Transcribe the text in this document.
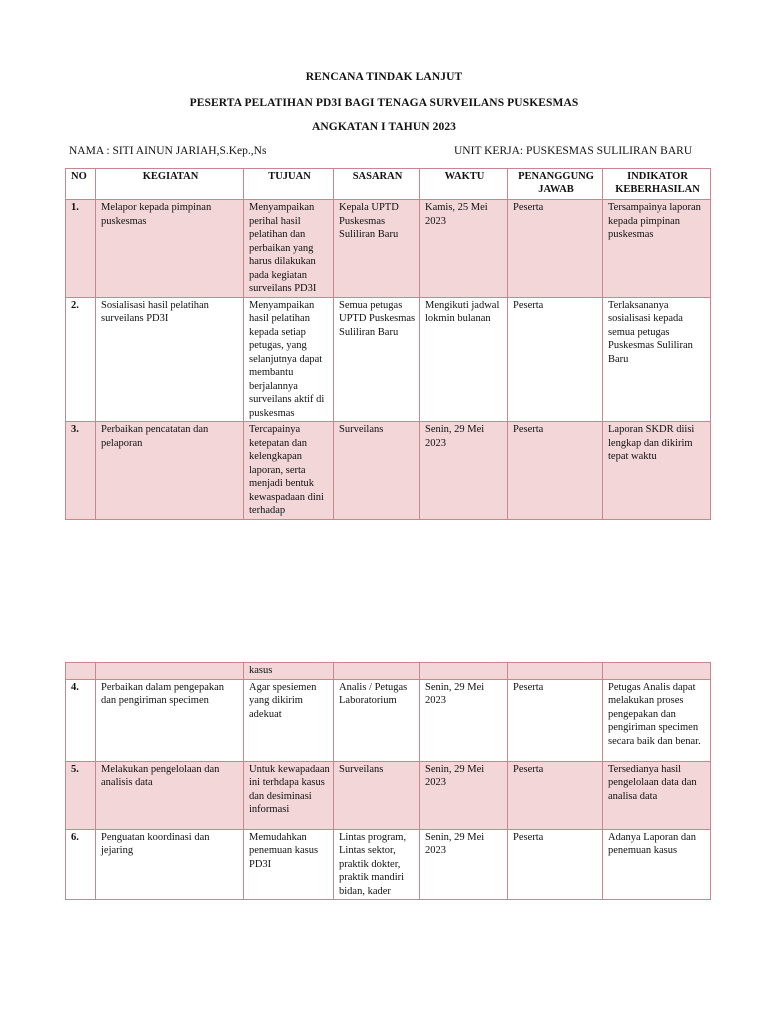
RENCANA TINDAK LANJUT
PESERTA PELATIHAN PD3I BAGI TENAGA SURVEILANS PUSKESMAS
ANGKATAN I TAHUN 2023
NAMA : SITI AINUN JARIAH,S.Kep.,Ns	UNIT KERJA: PUSKESMAS SULILIRAN BARU
NO	KEGIATAN	TUJUAN	SASARAN	WAKTU	PENANGGUNG JAWAB	INDIKATOR KEBERHASILAN
1.	Melapor kepada pimpinan puskesmas	Menyampaikan perihal hasil pelatihan dan perbaikan yang harus dilakukan pada kegiatan surveilans PD3I	Kepala UPTD Puskesmas Suliliran Baru	Kamis, 25 Mei 2023	Peserta	Tersampainya laporan kepada pimpinan puskesmas
2.	Sosialisasi hasil pelatihan surveilans PD3I	Menyampaikan hasil pelatihan kepada setiap petugas, yang selanjutnya dapat membantu berjalannya surveilans aktif di puskesmas	Semua petugas UPTD Puskesmas Suliliran Baru	Mengikuti jadwal lokmin bulanan	Peserta	Terlaksananya sosialisasi kepada semua petugas Puskesmas Suliliran Baru
3.	Perbaikan pencatatan dan pelaporan	Tercapainya ketepatan dan kelengkapan laporan, serta menjadi bentuk kewaspadaan dini terhadap	Surveilans	Senin, 29 Mei 2023	Peserta	Laporan SKDR diisi lengkap dan dikirim tepat waktu
		kasus				
4.	Perbaikan dalam pengepakan dan pengiriman specimen	Agar spesiemen yang dikirim adekuat	Analis / Petugas Laboratorium	Senin, 29 Mei 2023	Peserta	Petugas Analis dapat melakukan proses pengepakan dan pengiriman specimen secara baik dan benar.
5.	Melakukan pengelolaan dan analisis data	Untuk kewapadaan ini terhdapa kasus dan desiminasi informasi	Surveilans	Senin, 29 Mei 2023	Peserta	Tersedianya hasil pengelolaan data dan analisa data
6.	Penguatan koordinasi dan jejaring	Memudahkan penemuan kasus PD3I	Lintas program, Lintas sektor, praktik dokter, praktik mandiri bidan, kader	Senin, 29 Mei 2023	Peserta	Adanya Laporan dan penemuan kasus
